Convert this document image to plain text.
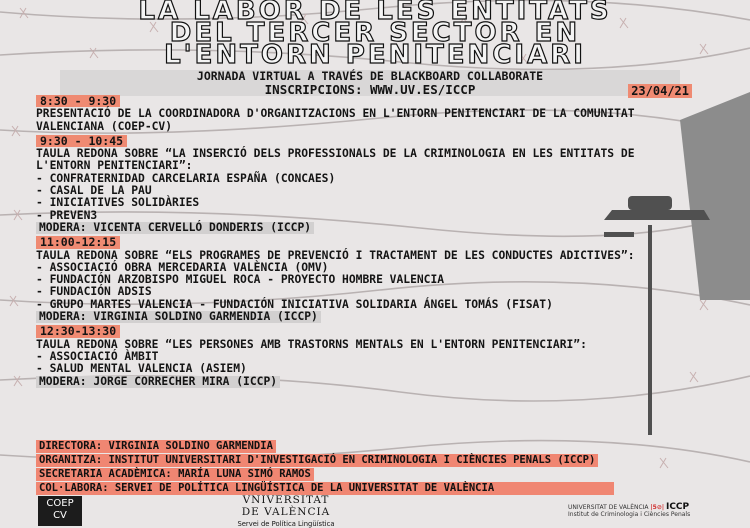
LA LABOR DE LES ENTITATS
DEL TERCER SECTOR EN
L'ENTORN PENITENCIARI
JORNADA VIRTUAL A TRAVÉS DE BLACKBOARD COLLABORATE
INSCRIPCIONS: WWW.UV.ES/ICCP	23/04/21
8:30 - 9:30

PRESENTACIÓ DE LA COORDINADORA D'ORGANITZACIONS EN L'ENTORN PENITENCIARI DE LA COMUNITAT VALENCIANA (COEP-CV)

9:30 - 10:45

TAULA REDONA SOBRE “LA INSERCIÓ DELS PROFESSIONALS DE LA CRIMINOLOGIA EN LES ENTITATS DE L'ENTORN PENITENCIARI”:

- CONFRATERNIDAD CARCELARIA ESPAÑA (CONCAES)
- CASAL DE LA PAU
- INICIATIVES SOLIDÀRIES
- PREVEN3
MODERA: VICENTA CERVELLÓ DONDERIS (ICCP)
11:00-12:15

TAULA REDONA SOBRE “ELS PROGRAMES DE PREVENCIÓ I TRACTAMENT DE LES CONDUCTES ADICTIVES”:

- ASSOCIACIÓ OBRA MERCEDARIA VALÈNCIA (OMV)
- FUNDACIÓN ARZOBISPO MIGUEL ROCA - PROYECTO HOMBRE VALENCIA
- FUNDACIÓN ADSIS
- GRUPO MARTES VALENCIA - FUNDACIÓN INICIATIVA SOLIDARIA ÁNGEL TOMÁS (FISAT)
MODERA: VIRGINIA SOLDINO GARMENDIA (ICCP)
12:30-13:30

TAULA REDONA SOBRE “LES PERSONES AMB TRASTORNS MENTALS EN L'ENTORN PENITENCIARI”:

- ASSOCIACIÓ ÀMBIT
- SALUD MENTAL VALENCIA (ASIEM)
MODERA: JORGE CORRECHER MIRA (ICCP)
DIRECTORA: VIRGINIA SOLDINO GARMENDIA
ORGANITZA: INSTITUT UNIVERSITARI D'INVESTIGACIÓ EN CRIMINOLOGIA I CIÈNCIES PENALS (ICCP)
SECRETARIA ACADÈMICA: MARÍA LUNA SIMÓ RAMOS
COL·LABORA: SERVEI DE POLÍTICA LINGÜÍSTICA DE LA UNIVERSITAT DE VALÈNCIA
COEP
CV
VNIVERSITAT
DE VALÈNCIA
Servei de Política Lingüística
UNIVERSITAT DE VALÈNCIA |5⊘| ICCP
Institut de Criminologia i Ciències Penals
